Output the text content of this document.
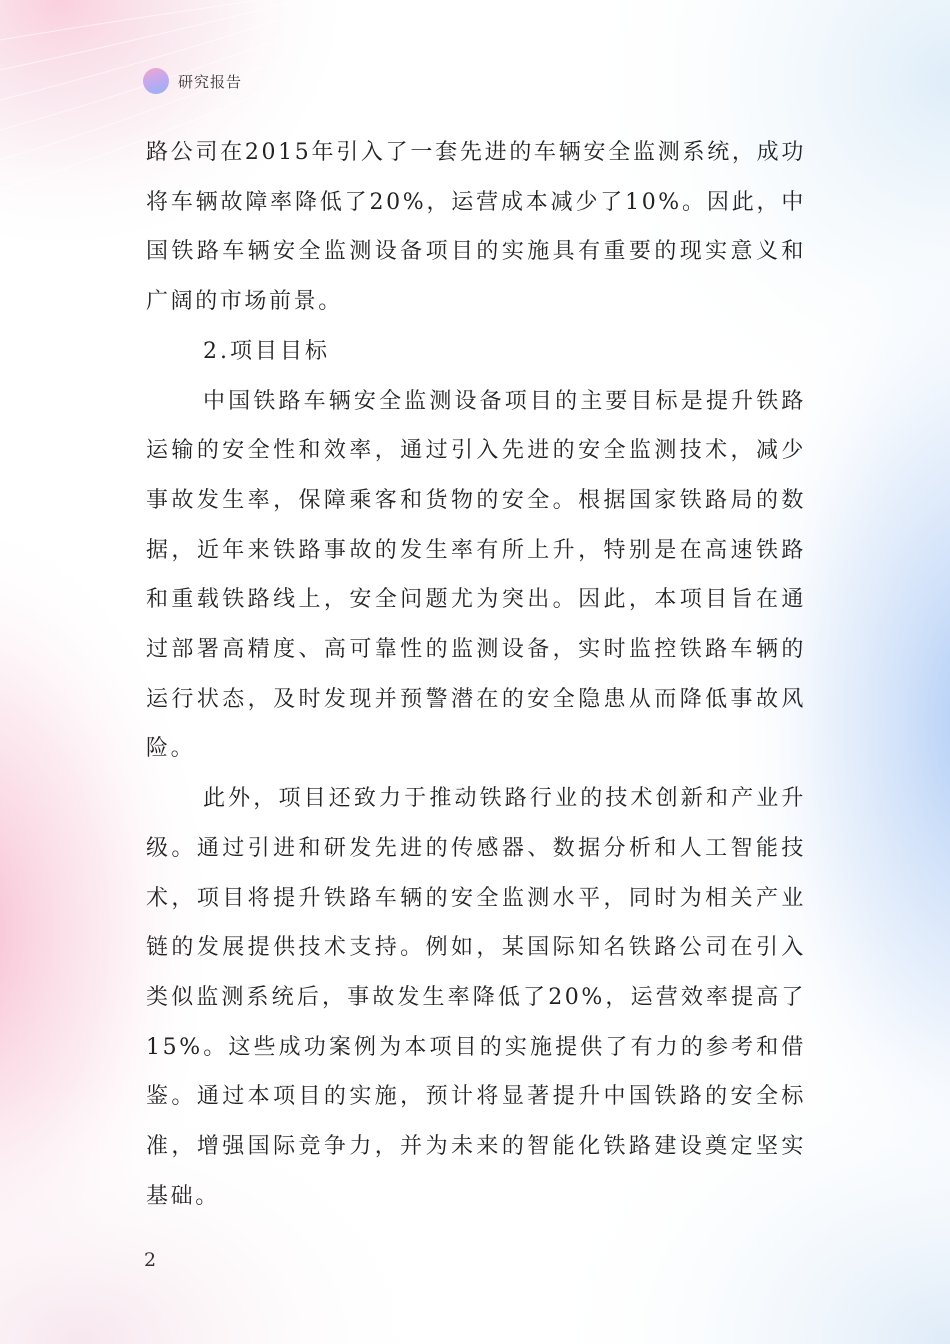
研究报告

路公司在2015年引入了一套先进的车辆安全监测系统，成功将车辆故障率降低了20%，运营成本减少了10%。因此，中国铁路车辆安全监测设备项目的实施具有重要的现实意义和广阔的市场前景。

2.项目目标

中国铁路车辆安全监测设备项目的主要目标是提升铁路运输的安全性和效率，通过引入先进的安全监测技术，减少事故发生率，保障乘客和货物的安全。根据国家铁路局的数据，近年来铁路事故的发生率有所上升，特别是在高速铁路和重载铁路线上，安全问题尤为突出。因此，本项目旨在通过部署高精度、高可靠性的监测设备，实时监控铁路车辆的运行状态，及时发现并预警潜在的安全隐患从而降低事故风险。

此外，项目还致力于推动铁路行业的技术创新和产业升级。通过引进和研发先进的传感器、数据分析和人工智能技术，项目将提升铁路车辆的安全监测水平，同时为相关产业链的发展提供技术支持。例如，某国际知名铁路公司在引入类似监测系统后，事故发生率降低了20%，运营效率提高了15%。这些成功案例为本项目的实施提供了有力的参考和借鉴。通过本项目的实施，预计将显著提升中国铁路的安全标准，增强国际竞争力，并为未来的智能化铁路建设奠定坚实基础。

2
